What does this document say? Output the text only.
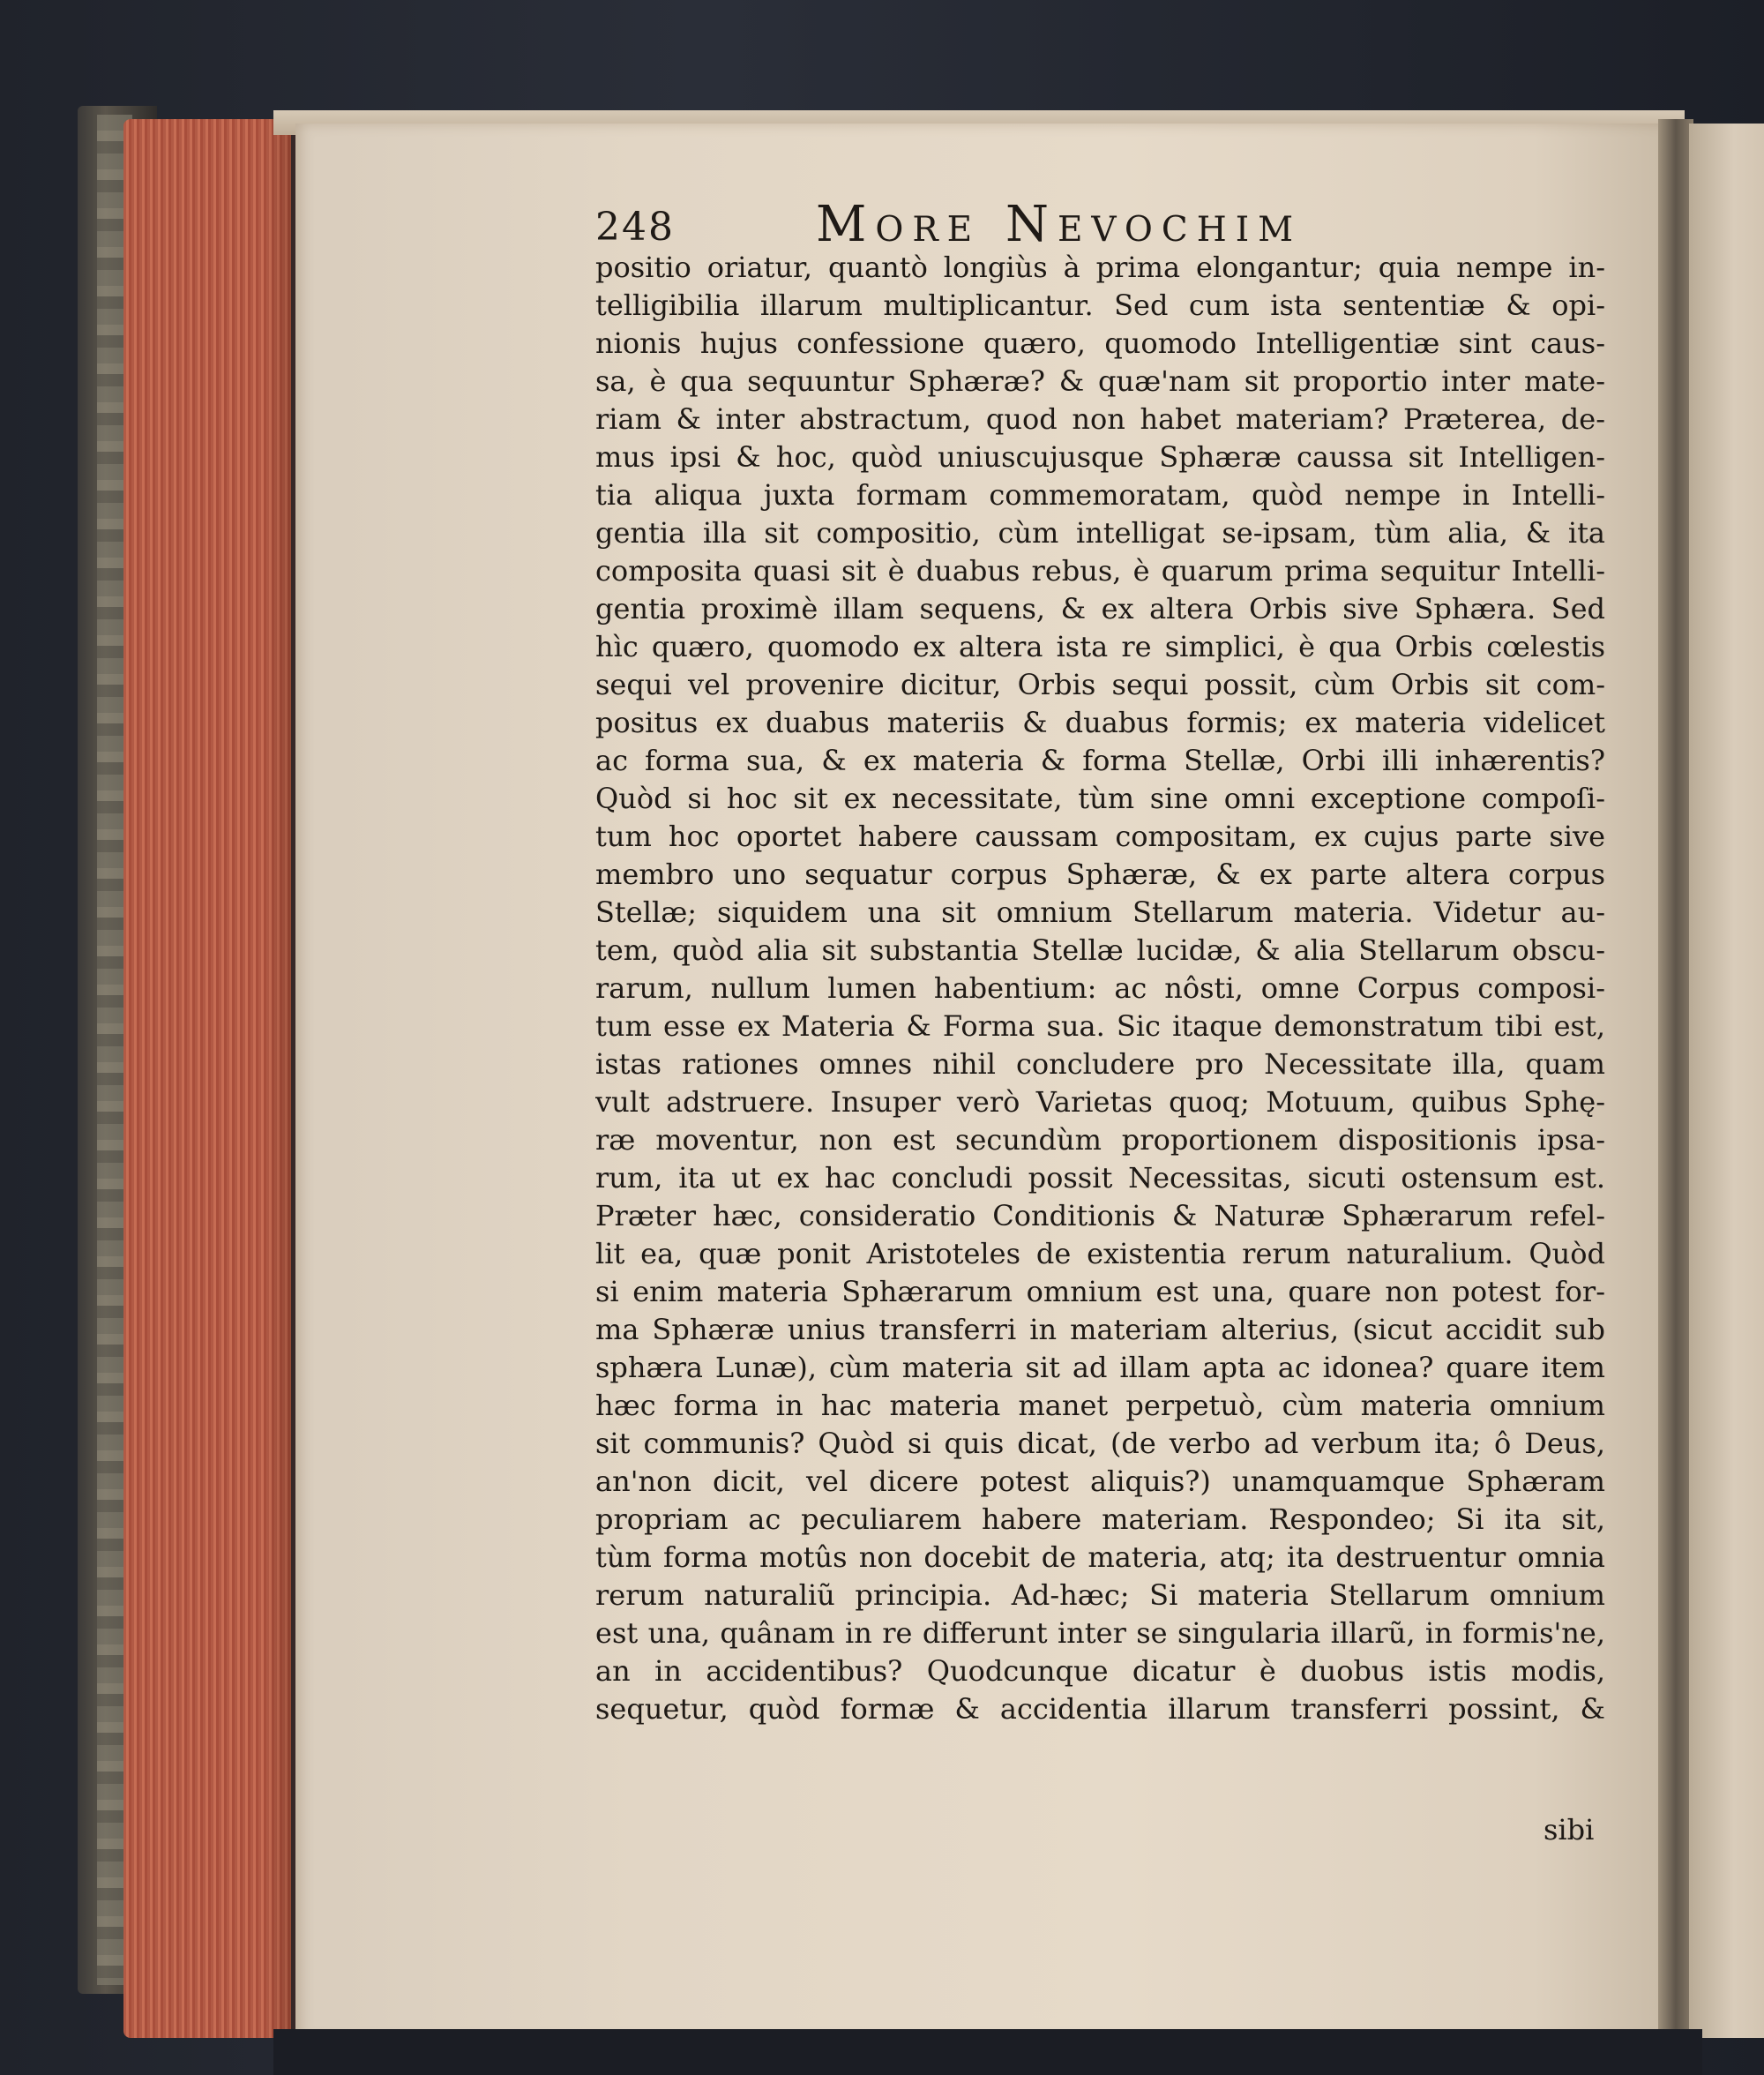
248	More Nevochim
positio oriatur, quantò longiùs à prima elongantur; quia nempe in-
telligibilia illarum multiplicantur. Sed cum ista sententiæ & opi-
nionis hujus confessione quæro, quomodo Intelligentiæ sint caus-
sa, è qua sequuntur Sphæræ? & quæ'nam sit proportio inter mate-
riam & inter abstractum, quod non habet materiam? Præterea, de-
mus ipsi & hoc, quòd uniuscujusque Sphæræ caussa sit Intelligen-
tia aliqua juxta formam commemoratam, quòd nempe in Intelli-
gentia illa sit compositio, cùm intelligat se-ipsam, tùm alia, & ita
composita quasi sit è duabus rebus, è quarum prima sequitur Intelli-
gentia proximè illam sequens, & ex altera Orbis sive Sphæra. Sed
hìc quæro, quomodo ex altera ista re simplici, è qua Orbis cœlestis
sequi vel provenire dicitur, Orbis sequi possit, cùm Orbis sit com-
positus ex duabus materiis & duabus formis; ex materia videlicet
ac forma sua, & ex materia & forma Stellæ, Orbi illi inhærentis?
Quòd si hoc sit ex necessitate, tùm sine omni exceptione compoſi-
tum hoc oportet habere caussam compositam, ex cujus parte sive
membro uno sequatur corpus Sphæræ, & ex parte altera corpus
Stellæ; siquidem una sit omnium Stellarum materia. Videtur au-
tem, quòd alia sit substantia Stellæ lucidæ, & alia Stellarum obscu-
rarum, nullum lumen habentium: ac nôsti, omne Corpus composi-
tum esse ex Materia & Forma sua. Sic itaque demonstratum tibi est,
istas rationes omnes nihil concludere pro Necessitate illa, quam
vult adstruere. Insuper verò Varietas quoq; Motuum, quibus Sphę-
ræ moventur, non est secundùm proportionem dispositionis ipsa-
rum, ita ut ex hac concludi possit Necessitas, sicuti ostensum est.
Præter hæc, consideratio Conditionis & Naturæ Sphærarum refel-
lit ea, quæ ponit Aristoteles de existentia rerum naturalium. Quòd
si enim materia Sphærarum omnium est una, quare non potest for-
ma Sphæræ unius transferri in materiam alterius, (sicut accidit sub
sphæra Lunæ), cùm materia sit ad illam apta ac idonea? quare item
hæc forma in hac materia manet perpetuò, cùm materia omnium
sit communis? Quòd si quis dicat, (de verbo ad verbum ita; ô Deus,
an'non dicit, vel dicere potest aliquis?) unamquamque Sphæram
propriam ac peculiarem habere materiam. Respondeo; Si ita sit,
tùm forma motûs non docebit de materia, atq; ita destruentur omnia
rerum naturaliũ principia. Ad-hæc; Si materia Stellarum omnium
est una, quânam in re differunt inter se singularia illarũ, in formis'ne,
an in accidentibus? Quodcunque dicatur è duobus istis modis,
sequetur, quòd formæ & accidentia illarum transferri possint, &
sibi
